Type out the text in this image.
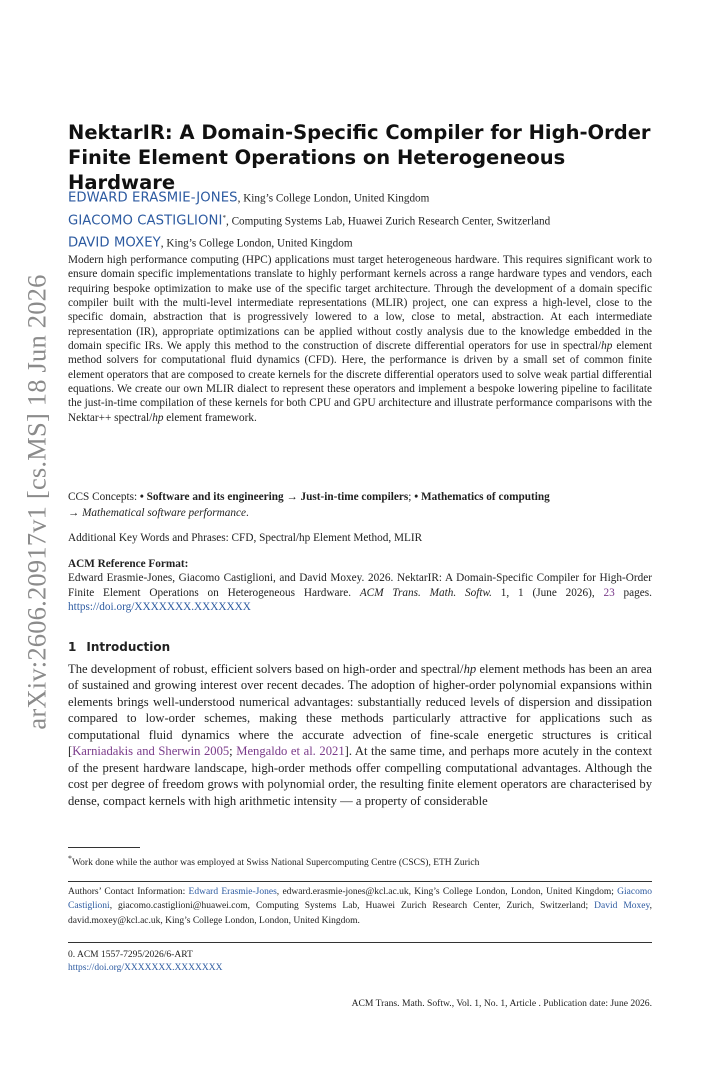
arXiv:2606.20917v1 [cs.MS] 18 Jun 2026
NektarIR: A Domain-Specific Compiler for High-Order Finite Element Operations on Heterogeneous Hardware
EDWARD ERASMIE-JONES, King’s College London, United Kingdom
GIACOMO CASTIGLIONI*, Computing Systems Lab, Huawei Zurich Research Center, Switzerland
DAVID MOXEY, King’s College London, United Kingdom
Modern high performance computing (HPC) applications must target heterogeneous hardware. This requires significant work to ensure domain specific implementations translate to highly performant kernels across a range hardware types and vendors, each requiring bespoke optimization to make use of the specific target architecture. Through the development of a domain specific compiler built with the multi-level intermediate representations (MLIR) project, one can express a high-level, close to the specific domain, abstraction that is progressively lowered to a low, close to metal, abstraction. At each intermediate representation (IR), appropriate optimizations can be applied without costly analysis due to the knowledge embedded in the domain specific IRs. We apply this method to the construction of discrete differential operators for use in spectral/hp element method solvers for computational fluid dynamics (CFD). Here, the performance is driven by a small set of common finite element operators that are composed to create kernels for the discrete differential operators used to solve weak partial differential equations. We create our own MLIR dialect to represent these operators and implement a bespoke lowering pipeline to facilitate the just-in-time compilation of these kernels for both CPU and GPU architecture and illustrate performance comparisons with the Nektar++ spectral/hp element framework.
CCS Concepts: • Software and its engineering → Just-in-time compilers; • Mathematics of computing
→ Mathematical software performance.
Additional Key Words and Phrases: CFD, Spectral/hp Element Method, MLIR
ACM Reference Format:
Edward Erasmie-Jones, Giacomo Castiglioni, and David Moxey. 2026. NektarIR: A Domain-Specific Compiler for High-Order Finite Element Operations on Heterogeneous Hardware. ACM Trans. Math. Softw. 1, 1 (June 2026), 23 pages. https://doi.org/XXXXXXX.XXXXXXX
1 Introduction
The development of robust, efficient solvers based on high-order and spectral/hp element methods has been an area of sustained and growing interest over recent decades. The adoption of higher-order polynomial expansions within elements brings well-understood numerical advantages: substantially reduced levels of dispersion and dissipation compared to low-order schemes, making these methods particularly attractive for applications such as computational fluid dynamics where the accurate advection of fine-scale energetic structures is critical [Karniadakis and Sherwin 2005; Mengaldo et al. 2021]. At the same time, and perhaps more acutely in the context of the present hardware landscape, high-order methods offer compelling computational advantages. Although the cost per degree of freedom grows with polynomial order, the resulting finite element operators are characterised by dense, compact kernels with high arithmetic intensity — a property of considerable
*Work done while the author was employed at Swiss National Supercomputing Centre (CSCS), ETH Zurich
Authors’ Contact Information: Edward Erasmie-Jones, edward.erasmie-jones@kcl.ac.uk, King’s College London, London, United Kingdom; Giacomo Castiglioni, giacomo.castiglioni@huawei.com, Computing Systems Lab, Huawei Zurich Research Center, Zurich, Switzerland; David Moxey, david.moxey@kcl.ac.uk, King’s College London, London, United Kingdom.
0. ACM 1557-7295/2026/6-ART
https://doi.org/XXXXXXX.XXXXXXX
ACM Trans. Math. Softw., Vol. 1, No. 1, Article . Publication date: June 2026.
